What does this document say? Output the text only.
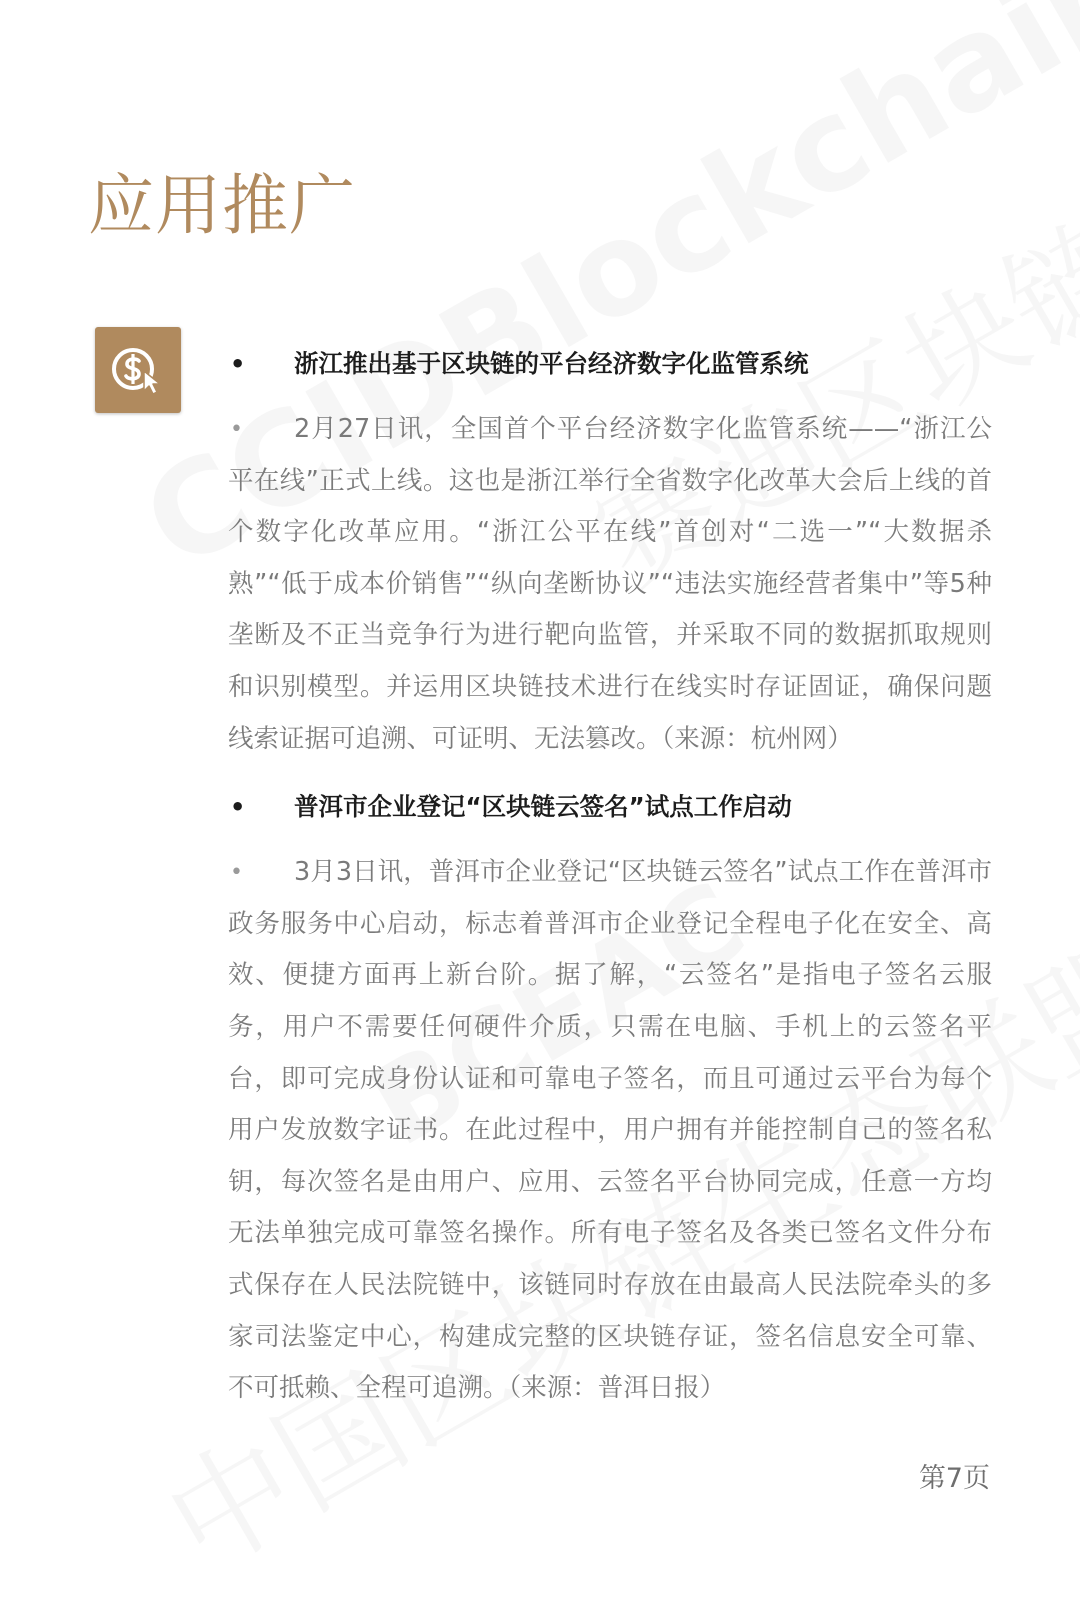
应用推广
• 浙江推出基于区块链的平台经济数字化监管系统

• 2月27日讯，全国首个平台经济数字化监管系统——“浙江公平在线”正式上线。这也是浙江举行全省数字化改革大会后上线的首个数字化改革应用。“浙江公平在线”首创对“二选一”“大数据杀熟”“低于成本价销售”“纵向垄断协议”“违法实施经营者集中”等5种垄断及不正当竞争行为进行靶向监管，并采取不同的数据抓取规则和识别模型。并运用区块链技术进行在线实时存证固证，确保问题线索证据可追溯、可证明、无法篡改。（来源：杭州网）

• 普洱市企业登记“区块链云签名”试点工作启动

• 3月3日讯，普洱市企业登记“区块链云签名”试点工作在普洱市政务服务中心启动，标志着普洱市企业登记全程电子化在安全、高效、便捷方面再上新台阶。据了解，“云签名”是指电子签名云服务，用户不需要任何硬件介质，只需在电脑、手机上的云签名平台，即可完成身份认证和可靠电子签名，而且可通过云平台为每个用户发放数字证书。在此过程中，用户拥有并能控制自己的签名私钥，每次签名是由用户、应用、云签名平台协同完成，任意一方均无法单独完成可靠签名操作。所有电子签名及各类已签名文件分布式保存在人民法院链中，该链同时存放在由最高人民法院牵头的多家司法鉴定中心，构建成完整的区块链存证，签名信息安全可靠、不可抵赖、全程可追溯。（来源：普洱日报）

第7页
